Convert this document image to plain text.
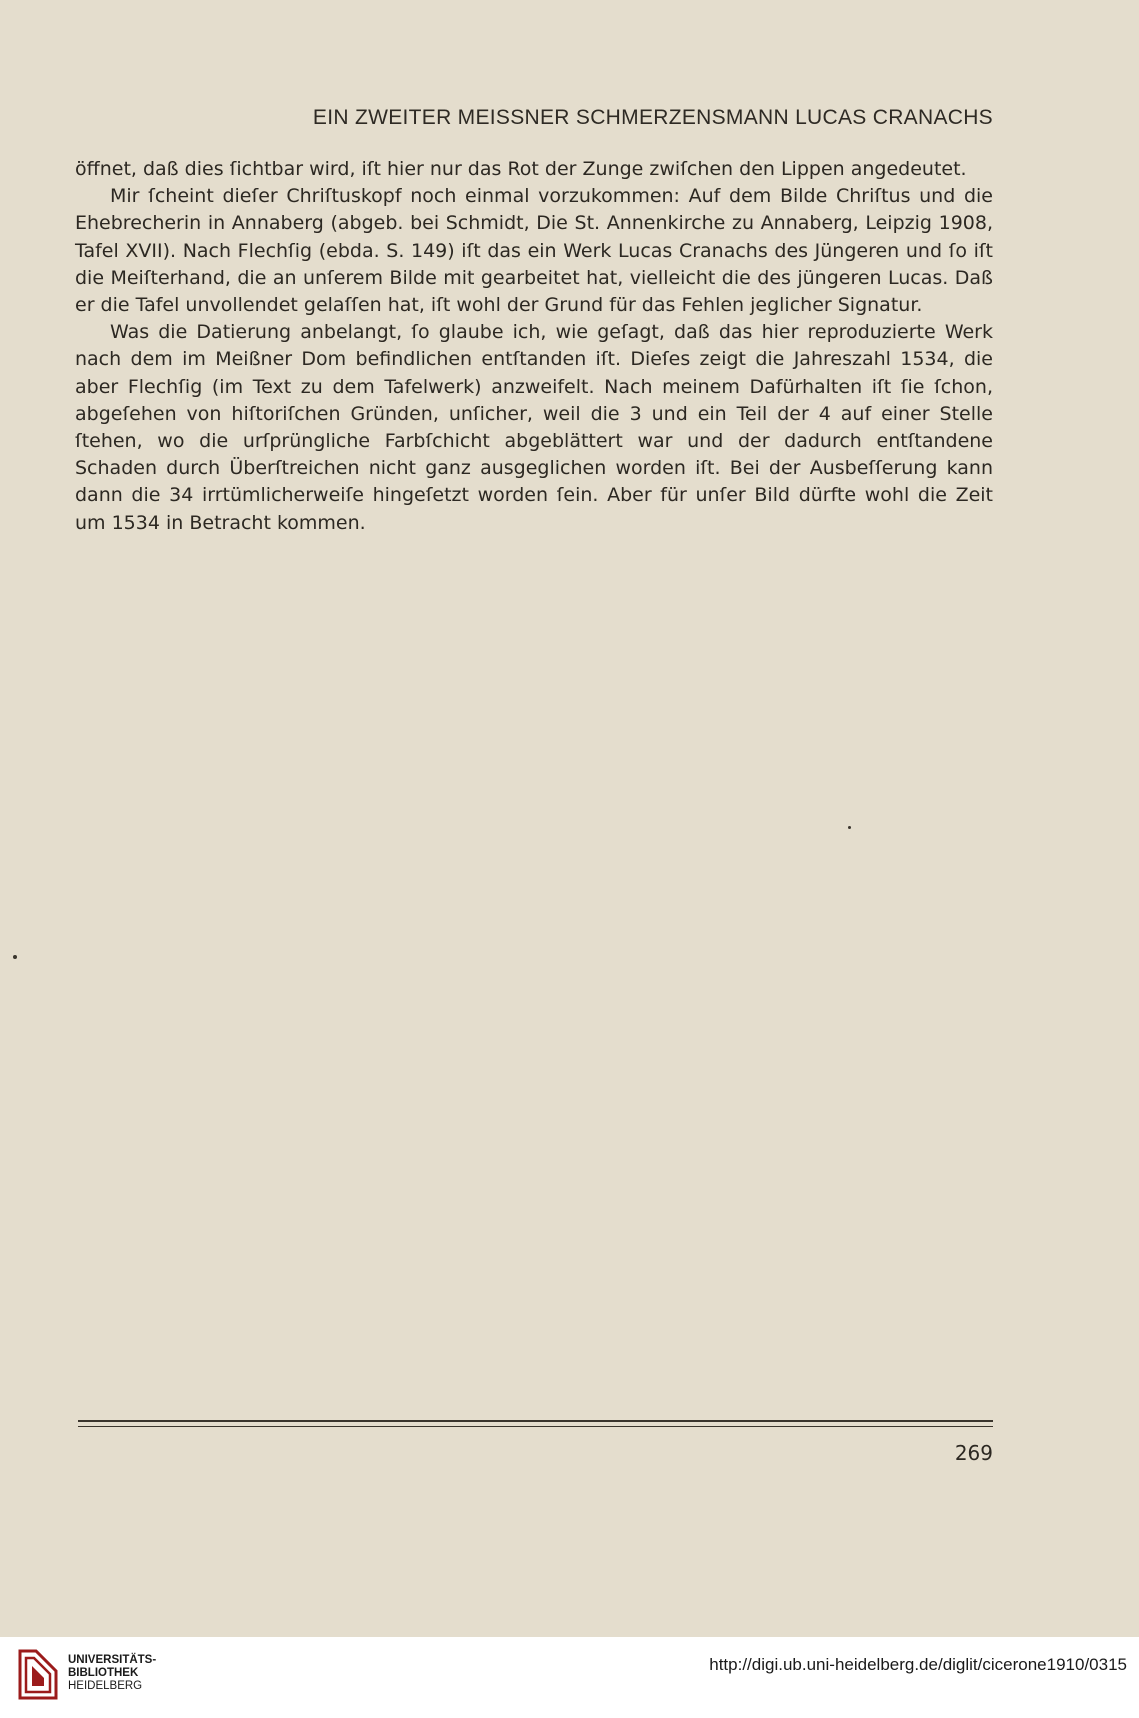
EIN ZWEITER MEISSNER SCHMERZENSMANN LUCAS CRANACHS

öffnet, daß dies ſichtbar wird, iſt hier nur das Rot der Zunge zwiſchen den Lippen angedeutet.

Mir ſcheint dieſer Chriſtuskopf noch einmal vorzukommen: Auf dem Bilde Chriſtus und die Ehebrecherin in Annaberg (abgeb. bei Schmidt, Die St. Annenkirche zu Annaberg, Leipzig 1908, Tafel XVII). Nach Flechſig (ebda. S. 149) iſt das ein Werk Lucas Cranachs des Jüngeren und ſo iſt die Meiſterhand, die an unſerem Bilde mit gearbeitet hat, vielleicht die des jüngeren Lucas. Daß er die Tafel unvollendet gelaſſen hat, iſt wohl der Grund für das Fehlen jeglicher Signatur.

Was die Datierung anbelangt, ſo glaube ich, wie geſagt, daß das hier reproduzierte Werk nach dem im Meißner Dom befindlichen entſtanden iſt. Dieſes zeigt die Jahreszahl 1534, die aber Flechſig (im Text zu dem Tafelwerk) anzweifelt. Nach meinem Dafürhalten iſt ſie ſchon, abgeſehen von hiſtoriſchen Gründen, unſicher, weil die 3 und ein Teil der 4 auf einer Stelle ſtehen, wo die urſprüngliche Farbſchicht abgeblättert war und der dadurch entſtandene Schaden durch Überſtreichen nicht ganz ausgeglichen worden iſt. Bei der Ausbeſſerung kann dann die 34 irrtümlicherweiſe hingeſetzt worden ſein. Aber für unſer Bild dürfte wohl die Zeit um 1534 in Betracht kommen.

269
UNIVERSITÄTS-
BIBLIOTHEK
HEIDELBERG
http://digi.ub.uni-heidelberg.de/diglit/cicerone1910/0315
